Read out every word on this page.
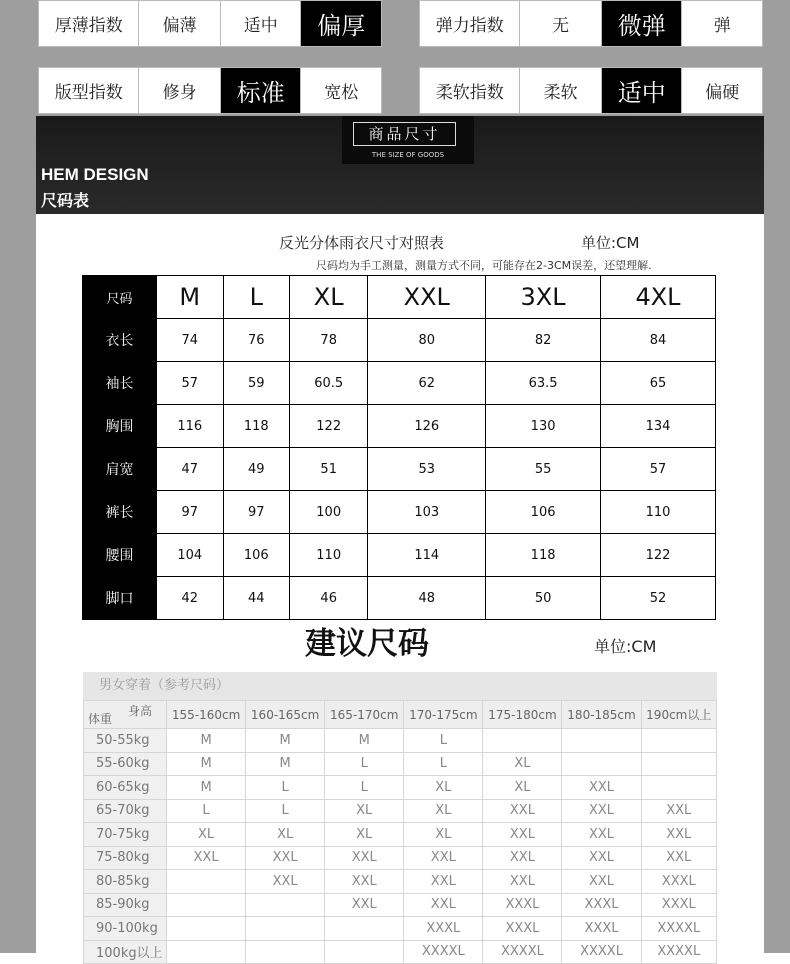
厚薄指数	偏薄	适中	偏厚	弹力指数	无	微弹	弹
版型指数	修身	标准	宽松	柔软指数	柔软	适中	偏硬
商品尺寸
THE SIZE OF GOODS
HEM DESIGN
尺码表
反光分体雨衣尺寸对照表	单位:CM
尺码均为手工测量，测量方式不同，可能存在2-3CM误差，还望理解.
尺码	M	L	XL	XXL	3XL	4XL
衣长	74	76	78	80	82	84
袖长	57	59	60.5	62	63.5	65
胸围	116	118	122	126	130	134
肩宽	47	49	51	53	55	57
裤长	97	97	100	103	106	110
腰围	104	106	110	114	118	122
脚口	42	44	46	48	50	52
建议尺码	单位:CM
男女穿着（参考尺码）
身高
体重	155-160cm	160-165cm	165-170cm	170-175cm	175-180cm	180-185cm	190cm以上
50-55kg	M	M	M	L			
55-60kg	M	M	L	L	XL		
60-65kg	M	L	L	XL	XL	XXL	
65-70kg	L	L	XL	XL	XXL	XXL	XXL
70-75kg	XL	XL	XL	XL	XXL	XXL	XXL
75-80kg	XXL	XXL	XXL	XXL	XXL	XXL	XXL
80-85kg		XXL	XXL	XXL	XXL	XXL	XXXL
85-90kg			XXL	XXL	XXXL	XXXL	XXXL
90-100kg				XXXL	XXXL	XXXL	XXXXL
100kg以上				XXXXL	XXXXL	XXXXL	XXXXL
